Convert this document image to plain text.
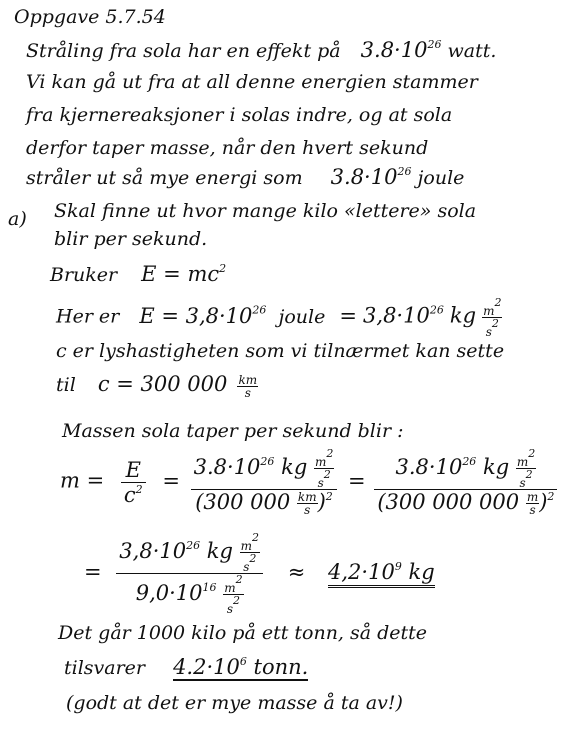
Oppgave 5.7.54
Stråling fra sola har en effekt på $3.8\cdot 10^{26}$ watt.
Vi kan gå ut fra at all denne energien stammer
fra kjernereaksjoner i solas indre, og at sola
derfor taper masse, når den hvert sekund
stråler ut så mye energi som $3.8\cdot 10^{26}$ joule
a) Skal finne ut hvor mange kilo «lettere» sola
blir per sekund.
Bruker $E = mc^2$
Her er $E = 3,8\cdot 10^{26}$ joule = $3,8\cdot 10^{26}$ kg $\frac{m^2}{s^2}$
c er lyshastigheten som vi tilnærmet kan sette
til c = 300 $000 \frac{km}{s}$
Massen sola taper per sekund blir :
$m = \frac{E}{c^2} = \frac{3.8\cdot 10^{26} kg \frac{m^2}{s^2}}{(300 000 \frac{km}{s} )^2} = \frac{3.8\cdot 10^{26} kg \frac{m^2}{s^2}}{(300 000 000 \frac{m}{s} )^2}$
= $\frac{3,8\cdot 10^{26} kg \frac{m^2}{s^2}}{9,0\cdot 10^{16} \frac{m^2}{s^2}} \approx 4,2\cdot 10^9$ kg
Det går 1000 kilo på ett tonn, så dette
tilsvarer $4.2\cdot 10^6$ tonn.
(godt at det er mye masse å ta av!)
